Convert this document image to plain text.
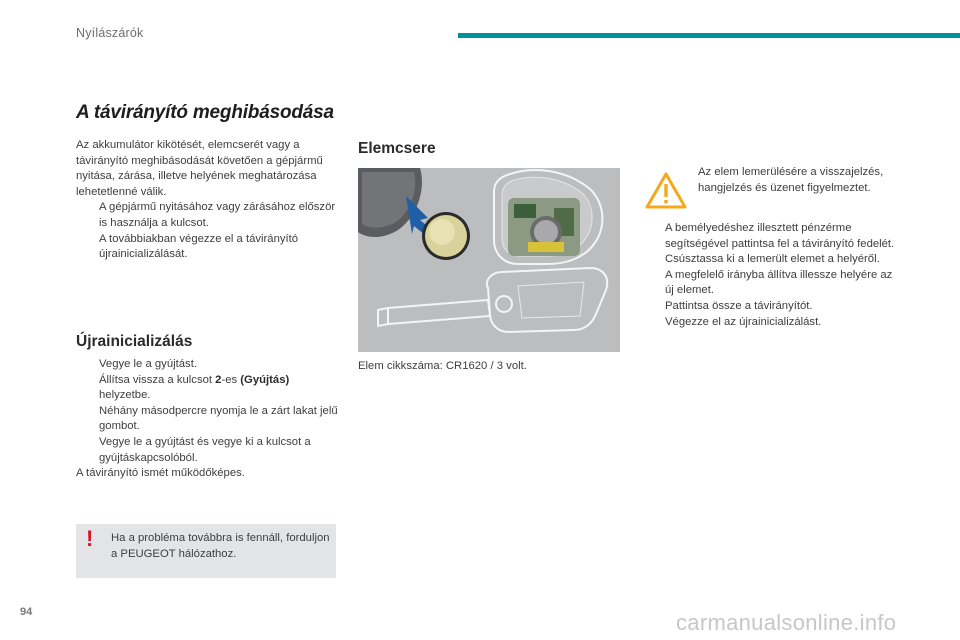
Nyílászárók
A távirányító meghibásodása

Az akkumulátor kikötését, elemcserét vagy a távirányító meghibásodását követően a gépjármű nyitása, zárása, illetve helyének meghatározása lehetetlenné válik.

A gépjármű nyitásához vagy zárásához először is használja a kulcsot.
A továbbiakban végezze el a távirányító újrainicializálását.
Újrainicializálás
Vegye le a gyújtást.
Állítsa vissza a kulcsot 2-es (Gyújtás)
helyzetbe.
Néhány másodpercre nyomja le a zárt lakat jelű gombot.
Vegye le a gyújtást és vegye ki a kulcsot a gyújtáskapcsolóból.

A távirányító ismét működőképes.

! Ha a probléma továbbra is fennáll, forduljon a PEUGEOT hálózathoz.
Elemcsere
Elem cikkszáma: CR1620 / 3 volt.
Az elem lemerülésére a visszajelzés, hangjelzés és üzenet figyelmeztet.
A bemélyedéshez illesztett pénzérme segítségével pattintsa fel a távirányító fedelét.
Csúsztassa ki a lemerült elemet a helyéről.
A megfelelő irányba állítva illessze helyére az új elemet.
Pattintsa össze a távirányítót.
Végezze el az újrainicializálást.
94	carmanualsonline.info
